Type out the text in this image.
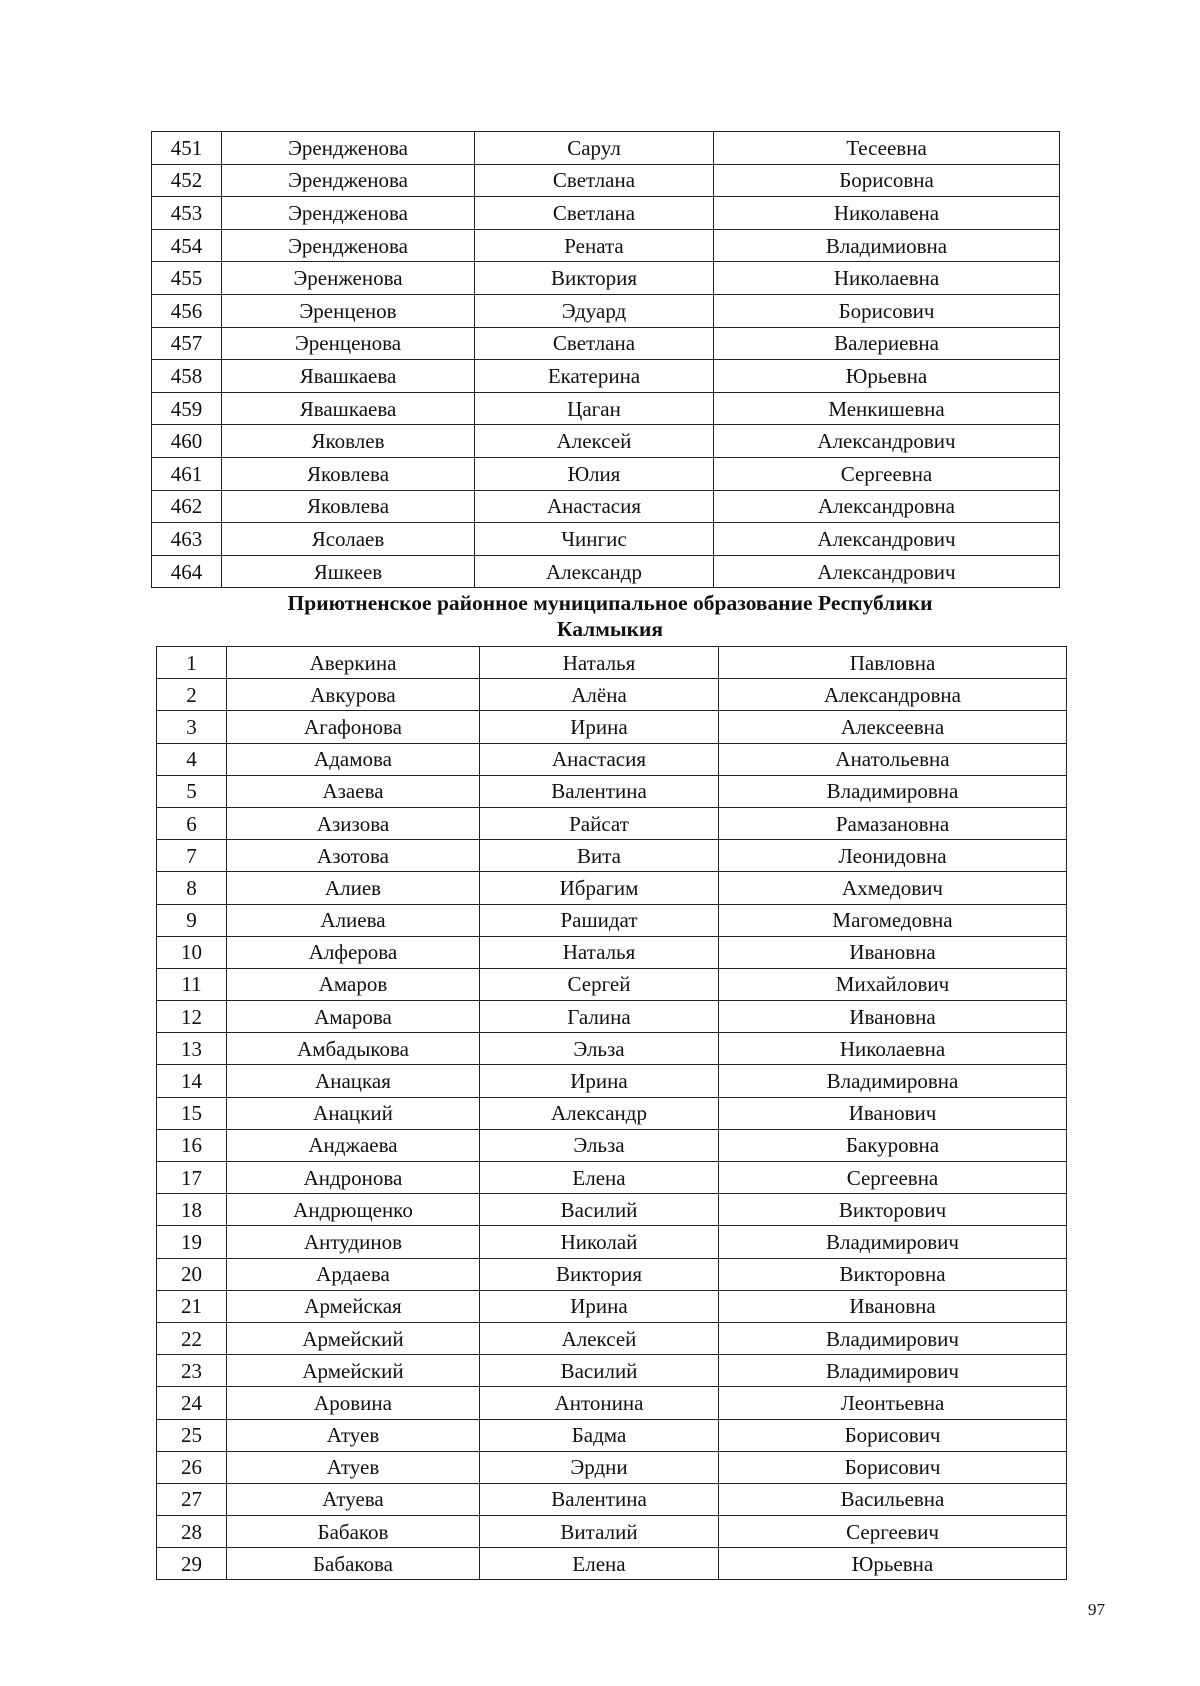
451	Эрендженова	Сарул	Тесеевна
452	Эрендженова	Светлана	Борисовна
453	Эрендженова	Светлана	Николавена
454	Эрендженова	Рената	Владимиовна
455	Эренженова	Виктория	Николаевна
456	Эренценов	Эдуард	Борисович
457	Эренценова	Светлана	Валериевна
458	Явашкаева	Екатерина	Юрьевна
459	Явашкаева	Цаган	Менкишевна
460	Яковлев	Алексей	Александрович
461	Яковлева	Юлия	Сергеевна
462	Яковлева	Анастасия	Александровна
463	Ясолаев	Чингис	Александрович
464	Яшкеев	Александр	Александрович
Приютненское районное муниципальное образование Республики
Калмыкия
1	Аверкина	Наталья	Павловна
2	Авкурова	Алёна	Александровна
3	Агафонова	Ирина	Алексеевна
4	Адамова	Анастасия	Анатольевна
5	Азаева	Валентина	Владимировна
6	Азизова	Райсат	Рамазановна
7	Азотова	Вита	Леонидовна
8	Алиев	Ибрагим	Ахмедович
9	Алиева	Рашидат	Магомедовна
10	Алферова	Наталья	Ивановна
11	Амаров	Сергей	Михайлович
12	Амарова	Галина	Ивановна
13	Амбадыкова	Эльза	Николаевна
14	Анацкая	Ирина	Владимировна
15	Анацкий	Александр	Иванович
16	Анджаева	Эльза	Бакуровна
17	Андронова	Елена	Сергеевна
18	Андрющенко	Василий	Викторович
19	Антудинов	Николай	Владимирович
20	Ардаева	Виктория	Викторовна
21	Армейская	Ирина	Ивановна
22	Армейский	Алексей	Владимирович
23	Армейский	Василий	Владимирович
24	Аровина	Антонина	Леонтьевна
25	Атуев	Бадма	Борисович
26	Атуев	Эрдни	Борисович
27	Атуева	Валентина	Васильевна
28	Бабаков	Виталий	Сергеевич
29	Бабакова	Елена	Юрьевна
97
